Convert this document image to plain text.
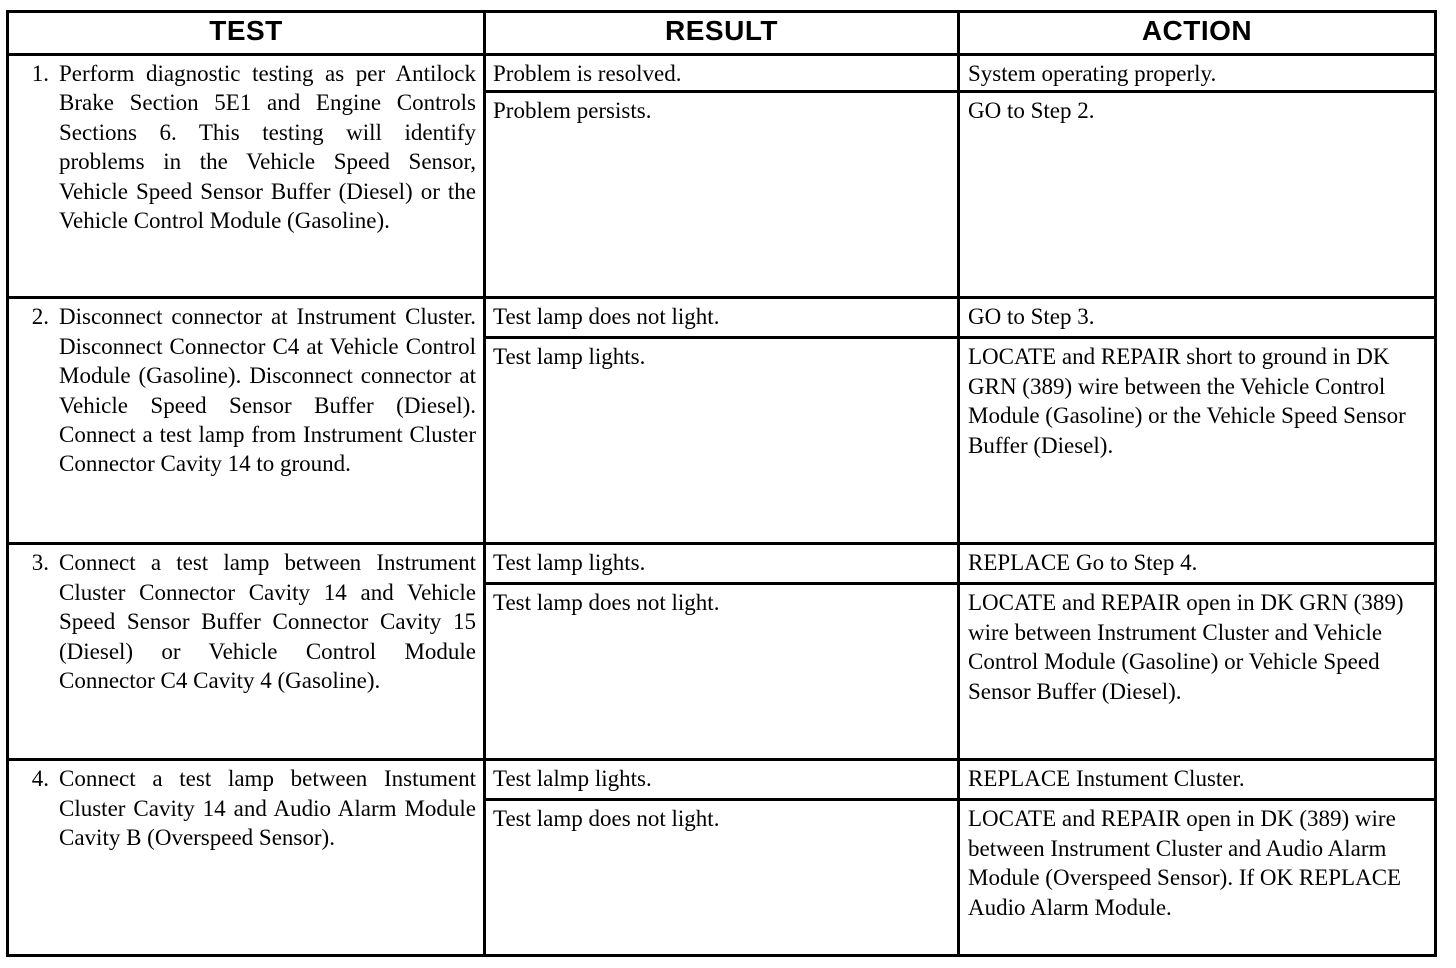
TEST	RESULT	ACTION

1. Perform diagnostic testing as per Antilock Brake Section 5E1 and Engine Controls Sections 6. This testing will identify problems in the Vehicle Speed Sensor, Vehicle Speed Sensor Buffer (Diesel) or the Vehicle Control Module (Gasoline).	Problem is resolved.	System operating properly.
	Problem persists.	GO to Step 2.

2. Disconnect connector at Instrument Cluster. Disconnect Connector C4 at Vehicle Control Module (Gasoline). Disconnect connector at Vehicle Speed Sensor Buffer (Diesel). Connect a test lamp from Instrument Cluster Connector Cavity 14 to ground.	Test lamp does not light.	GO to Step 3.
	Test lamp lights.	LOCATE and REPAIR short to ground in DK GRN (389) wire between the Vehicle Control Module (Gasoline) or the Vehicle Speed Sensor Buffer (Diesel).

3. Connect a test lamp between Instrument Cluster Connector Cavity 14 and Vehicle Speed Sensor Buffer Connector Cavity 15 (Diesel) or Vehicle Control Module Connector C4 Cavity 4 (Gasoline).	Test lamp lights.	REPLACE Go to Step 4.
	Test lamp does not light.	LOCATE and REPAIR open in DK GRN (389) wire between Instrument Cluster and Vehicle Control Module (Gasoline) or Vehicle Speed Sensor Buffer (Diesel).

4. Connect a test lamp between Instument Cluster Cavity 14 and Audio Alarm Module Cavity B (Overspeed Sensor).	Test lalmp lights.	REPLACE Instument Cluster.
	Test lamp does not light.	LOCATE and REPAIR open in DK (389) wire between Instrument Cluster and Audio Alarm Module (Overspeed Sensor). If OK REPLACE Audio Alarm Module.
